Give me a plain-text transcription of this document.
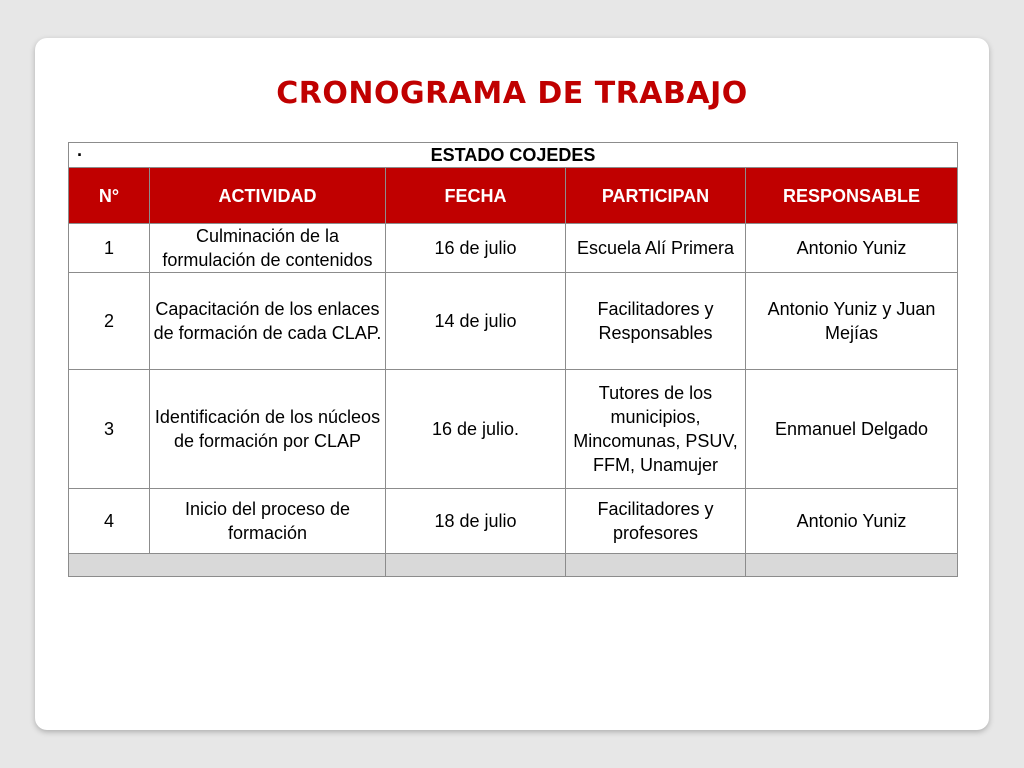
CRONOGRAMA DE TRABAJO
· ESTADO COJEDES				
N°	ACTIVIDAD	FECHA	PARTICIPAN	RESPONSABLE
1	Culminación de la formulación de contenidos	16 de julio	Escuela Alí Primera	Antonio Yuniz
2	Capacitación de los enlaces de formación de cada CLAP.	14 de julio	Facilitadores y Responsables	Antonio Yuniz y Juan Mejías
3	Identificación de los núcleos de formación por CLAP	16 de julio.	Tutores de los municipios, Mincomunas, PSUV, FFM, Unamujer	Enmanuel Delgado
4	Inicio del proceso de formación	18 de julio	Facilitadores y profesores	Antonio Yuniz
